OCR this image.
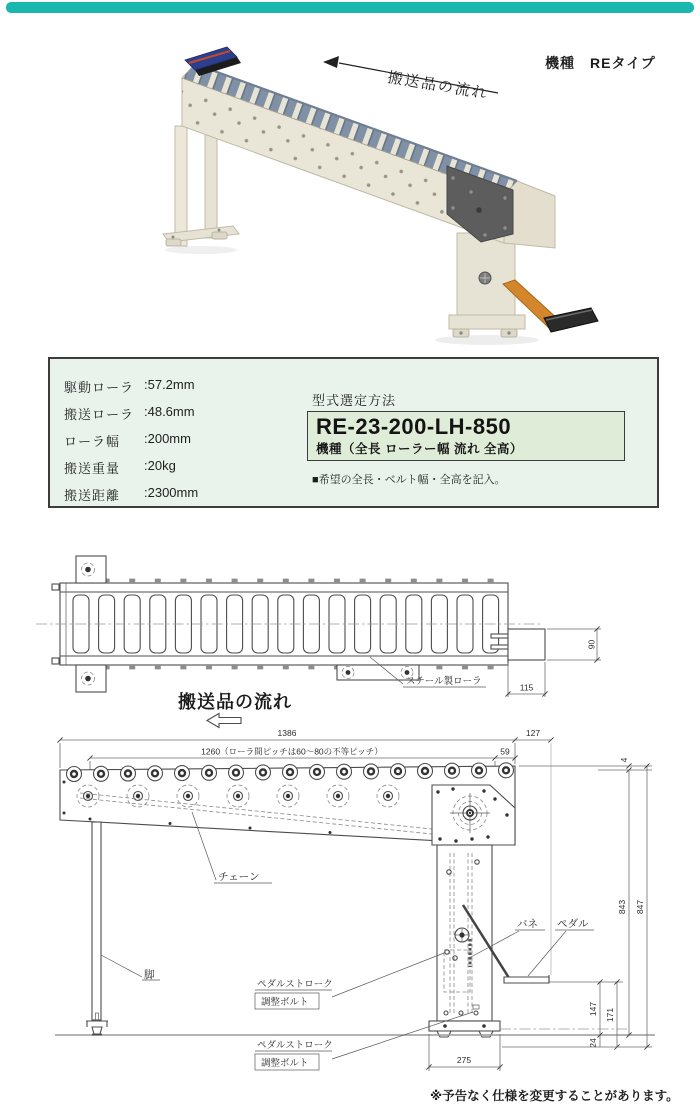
機種　REタイプ
搬送品の流れ
駆動ローラ :57.2mm
搬送ローラ :48.6mm
ローラ幅	:200mm
搬送重量	:20kg
搬送距離	:2300mm
型式選定方法
RE-23-200-LH-850
機種（全長 ローラー幅 流れ 全高）
■希望の全長・ベルト幅・全高を記入。
90
115
スチール製ローラ
搬送品の流れ
1386	127
1260（ローラ間ピッチは60～80の不等ピッチ）	59
チェーン
脚
バネ ペダル
ペダルストローク
調整ボルト
ペダルストローク
調整ボルト
147 171
24
4
843 847
275
※予告なく仕様を変更することがあります。
